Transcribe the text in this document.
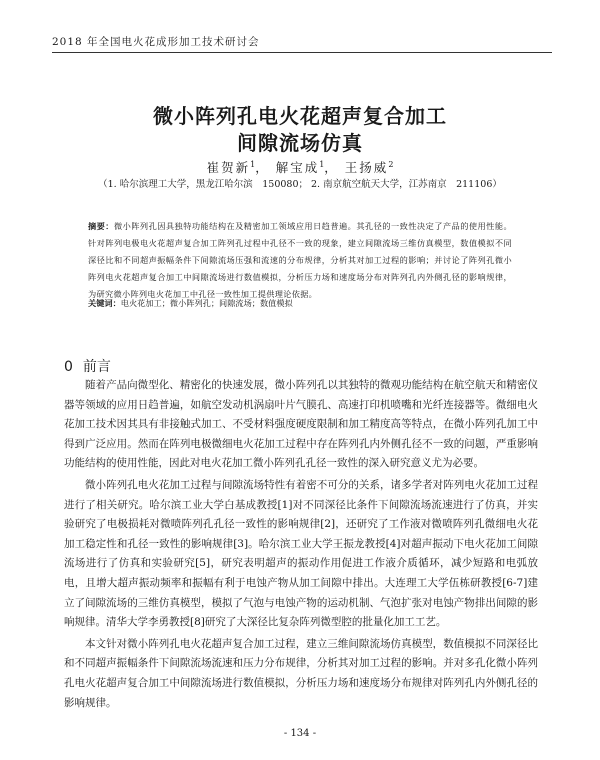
2018 年全国电火花成形加工技术研讨会
微小阵列孔电火花超声复合加工
间隙流场仿真
崔贺新$^1$， 解宝成$^1$， 王扬威$^2$
（1. 哈尔滨理工大学，黑龙江哈尔滨　150080； 2. 南京航空航天大学，江苏南京　211106）
摘要：微小阵列孔因具独特功能结构在及精密加工领域应用日趋普遍。其孔径的一致性决定了产品的使用性能。针对阵列电极电火花超声复合加工阵列孔过程中孔径不一致的现象，建立间隙流场三维仿真模型，数值模拟不同深径比和不同超声振幅条件下间隙流场压强和流速的分布规律，分析其对加工过程的影响；并讨论了阵列孔微小阵列电火花超声复合加工中间隙流场进行数值模拟，分析压力场和速度场分布对阵列孔内外侧孔径的影响规律，为研究微小阵列电火花加工中孔径一致性加工提供理论依据。
关键词：电火花加工；微小阵列孔；间隙流场；数值模拟
0 前言

随着产品向微型化、精密化的快速发展，微小阵列孔以其独特的微观功能结构在航空航天和精密仪器等领域的应用日趋普遍，如航空发动机涡扇叶片气膜孔、高速打印机喷嘴和光纤连接器等。微细电火花加工技术因其具有非接触式加工、不受材料强度硬度限制和加工精度高等特点，在微小阵列孔加工中得到广泛应用。然而在阵列电极微细电火花加工过程中存在阵列孔内外侧孔径不一致的问题，严重影响功能结构的使用性能，因此对电火花加工微小阵列孔孔径一致性的深入研究意义尤为必要。

微小阵列孔电火花加工过程与间隙流场特性有着密不可分的关系，诸多学者对阵列电火花加工过程进行了相关研究。哈尔滨工业大学白基成教授[1]对不同深径比条件下间隙流场流速进行了仿真，并实验研究了电极损耗对微喷阵列孔孔径一致性的影响规律[2]，还研究了工作液对微喷阵列孔微细电火花加工稳定性和孔径一致性的影响规律[3]。哈尔滨工业大学王振龙教授[4]对超声振动下电火花加工间隙流场进行了仿真和实验研究[5]，研究表明超声的振动作用促进工作液介质循环，减少短路和电弧放电，且增大超声振动频率和振幅有利于电蚀产物从加工间隙中排出。大连理工大学伍栋研教授[6-7]建立了间隙流场的三维仿真模型，模拟了气泡与电蚀产物的运动机制、气泡扩张对电蚀产物排出间隙的影响规律。清华大学李勇教授[8]研究了大深径比复杂阵列微型腔的批量化加工工艺。

本文针对微小阵列孔电火花超声复合加工过程，建立三维间隙流场仿真模型，数值模拟不同深径比和不同超声振幅条件下间隙流场流速和压力分布规律，分析其对加工过程的影响。并对多孔化微小阵列孔电火花超声复合加工中间隙流场进行数值模拟，分析压力场和速度场分布规律对阵列孔内外侧孔径的影响规律。

- 134 -
